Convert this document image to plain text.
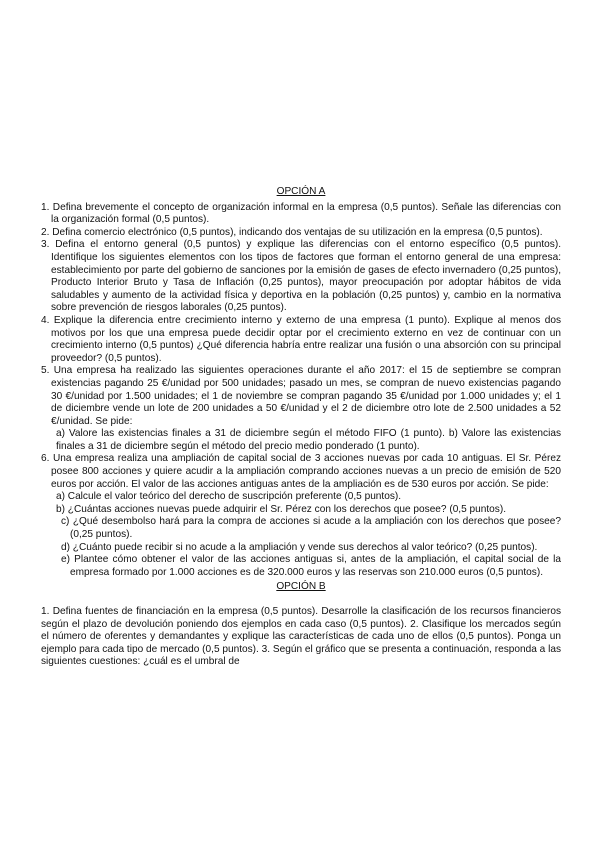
OPCIÓN A
1. Defina brevemente el concepto de organización informal en la empresa (0,5 puntos). Señale las diferencias con la organización formal (0,5 puntos).
2. Defina comercio electrónico (0,5 puntos), indicando dos ventajas de su utilización en la empresa (0,5 puntos).
3. Defina el entorno general (0,5 puntos) y explique las diferencias con el entorno específico (0,5 puntos). Identifique los siguientes elementos con los tipos de factores que forman el entorno general de una empresa: establecimiento por parte del gobierno de sanciones por la emisión de gases de efecto invernadero (0,25 puntos), Producto Interior Bruto y Tasa de Inflación (0,25 puntos), mayor preocupación por adoptar hábitos de vida saludables y aumento de la actividad física y deportiva en la población (0,25 puntos) y, cambio en la normativa sobre prevención de riesgos laborales (0,25 puntos).
4. Explique la diferencia entre crecimiento interno y externo de una empresa (1 punto). Explique al menos dos motivos por los que una empresa puede decidir optar por el crecimiento externo en vez de continuar con un crecimiento interno (0,5 puntos) ¿Qué diferencia habría entre realizar una fusión o una absorción con su principal proveedor? (0,5 puntos).
5. Una empresa ha realizado las siguientes operaciones durante el año 2017: el 15 de septiembre se compran existencias pagando 25 €/unidad por 500 unidades; pasado un mes, se compran de nuevo existencias pagando 30 €/unidad por 1.500 unidades; el 1 de noviembre se compran pagando 35 €/unidad por 1.000 unidades y; el 1 de diciembre vende un lote de 200 unidades a 50 €/unidad y el 2 de diciembre otro lote de 2.500 unidades a 52 €/unidad. Se pide:
a) Valore las existencias finales a 31 de diciembre según el método FIFO (1 punto). b) Valore las existencias finales a 31 de diciembre según el método del precio medio ponderado (1 punto).
6. Una empresa realiza una ampliación de capital social de 3 acciones nuevas por cada 10 antiguas. El Sr. Pérez posee 800 acciones y quiere acudir a la ampliación comprando acciones nuevas a un precio de emisión de 520 euros por acción. El valor de las acciones antiguas antes de la ampliación es de 530 euros por acción. Se pide:
a) Calcule el valor teórico del derecho de suscripción preferente (0,5 puntos).
b) ¿Cuántas acciones nuevas puede adquirir el Sr. Pérez con los derechos que posee? (0,5 puntos).
c) ¿Qué desembolso hará para la compra de acciones si acude a la ampliación con los derechos que posee? (0,25 puntos).
d) ¿Cuánto puede recibir si no acude a la ampliación y vende sus derechos al valor teórico? (0,25 puntos).
e) Plantee cómo obtener el valor de las acciones antiguas si, antes de la ampliación, el capital social de la empresa formado por 1.000 acciones es de 320.000 euros y las reservas son 210.000 euros (0,5 puntos).
OPCIÓN B
1. Defina fuentes de financiación en la empresa (0,5 puntos). Desarrolle la clasificación de los recursos financieros según el plazo de devolución poniendo dos ejemplos en cada caso (0,5 puntos). 2. Clasifique los mercados según el número de oferentes y demandantes y explique las características de cada uno de ellos (0,5 puntos). Ponga un ejemplo para cada tipo de mercado (0,5 puntos). 3. Según el gráfico que se presenta a continuación, responda a las siguientes cuestiones: ¿cuál es el umbral de
